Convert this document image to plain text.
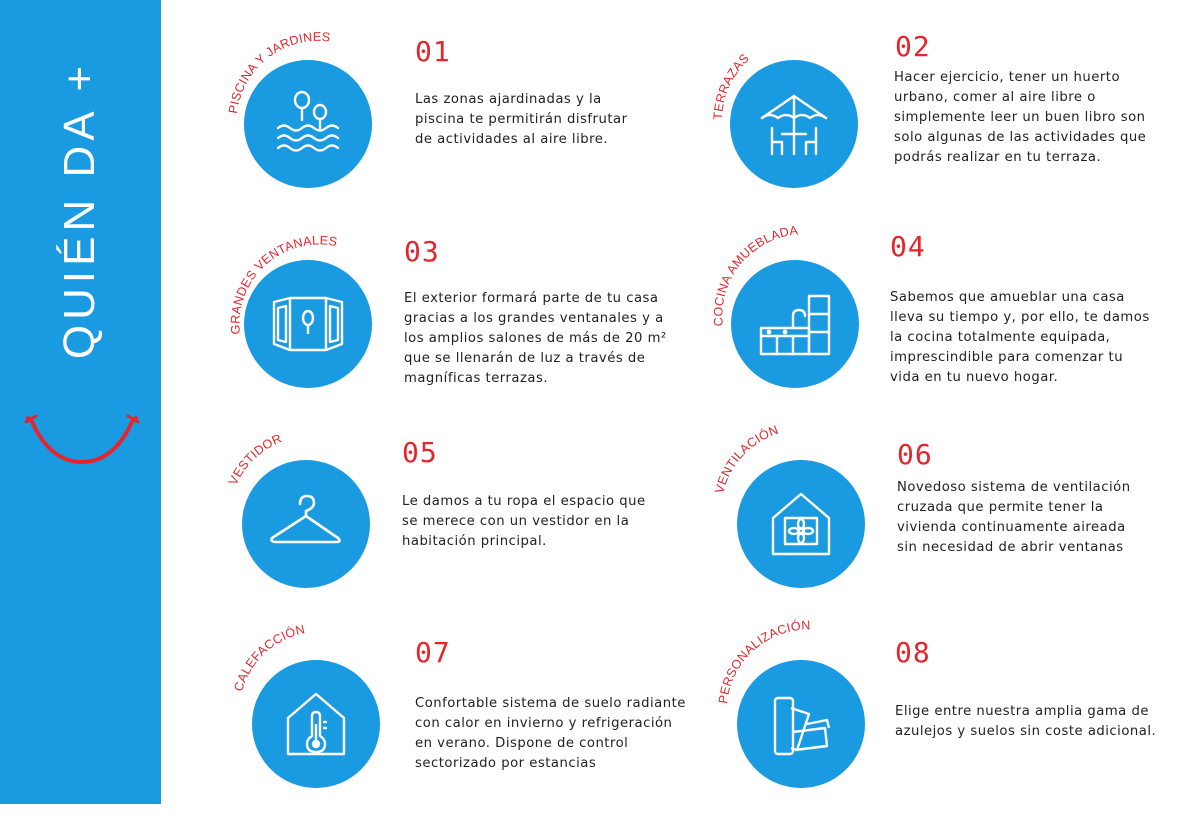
QUIÉN DA +	PISCINA Y JARDINES	01
Las zonas ajardinadas y la
piscina te permitirán disfrutar
de actividades al aire libre.
TERRAZAS	02
Hacer ejercicio, tener un huerto
urbano, comer al aire libre o
simplemente leer un buen libro son
solo algunas de las actividades que
podrás realizar en tu terraza.
GRANDES VENTANALES 03
El exterior formará parte de tu casa
gracias a los grandes ventanales y a
los amplios salones de más de 20 m²
que se llenarán de luz a través de
magníficas terrazas.
COCINA AMUEBLADA	04
Sabemos que amueblar una casa
lleva su tiempo y, por ello, te damos
la cocina totalmente equipada,
imprescindible para comenzar tu
vida en tu nuevo hogar.
VESTIDOR	05
Le damos a tu ropa el espacio que
se merece con un vestidor en la
habitación principal.
VENTILACIÓN
06
Novedoso sistema de ventilación
cruzada que permite tener la
vivienda continuamente aireada
sin necesidad de abrir ventanas
CALEFACCIÓN
07
Confortable sistema de suelo radiante
con calor en invierno y refrigeración
en verano. Dispone de control
sectorizado por estancias
PERSONALIZACIÓN
08
Elige entre nuestra amplia gama de
azulejos y suelos sin coste adicional.
